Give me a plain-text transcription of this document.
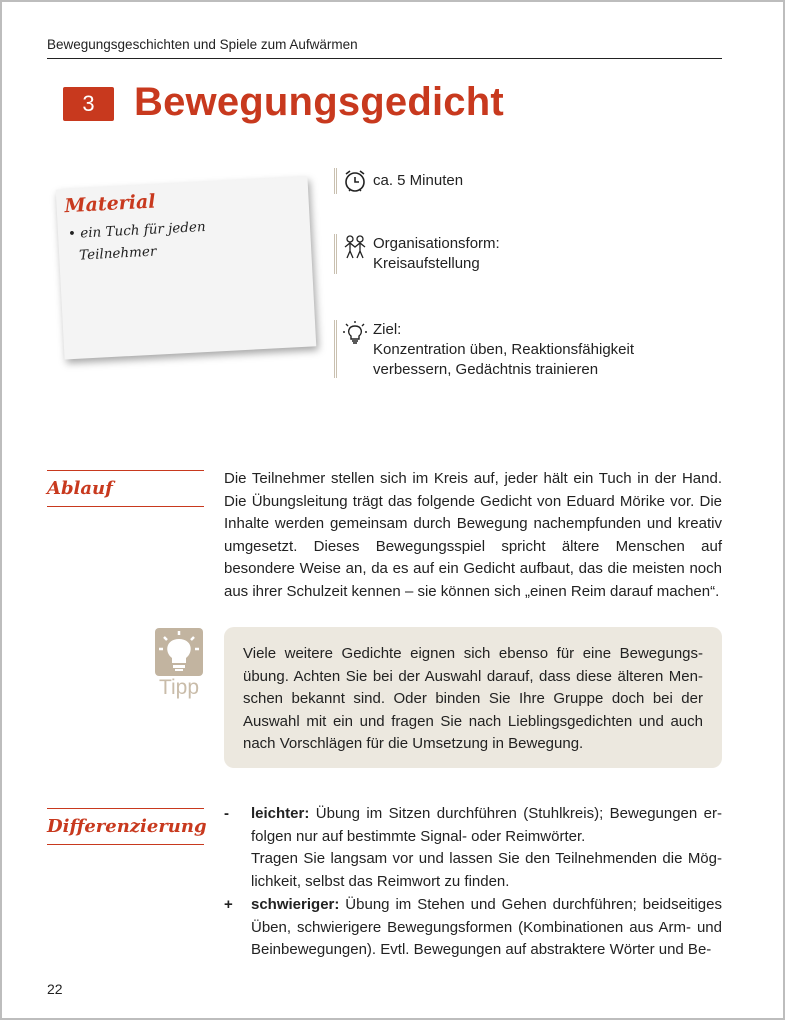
Bewegungsgeschichten und Spiele zum Aufwärmen
3 Bewegungsgedicht
Material
• ein Tuch für jeden
Teilnehmer
ca. 5 Minuten
Organisationsform:
Kreisaufstellung
Ziel:
Konzentration üben, Reaktionsfähigkeit
verbessern, Gedächtnis trainieren
Ablauf	Die Teilnehmer stellen sich im Kreis auf, jeder hält ein Tuch in der Hand. Die Übungsleitung trägt das folgende Gedicht von Eduard Mörike vor. Die Inhalte werden gemeinsam durch Bewegung nachempfunden und kreativ umgesetzt. Dieses Bewegungsspiel spricht ältere Menschen auf besondere Weise an, da es auf ein Gedicht aufbaut, das die meisten noch aus ihrer Schulzeit kennen – sie können sich „einen Reim darauf machen“.
Tipp
Viele weitere Gedichte eignen sich ebenso für eine Bewegungsübung. Achten Sie bei der Auswahl darauf, dass diese älteren Menschen bekannt sind. Oder binden Sie Ihre Gruppe doch bei der Auswahl mit ein und fragen Sie nach Lieblingsgedichten und auch nach Vorschlägen für die Umsetzung in Bewegung.
Differenzierung
-	leichter: Übung im Sitzen durchführen (Stuhlkreis); Bewegungen erfolgen nur auf bestimmte Signal- oder Reimwörter.
Tragen Sie langsam vor und lassen Sie den Teilnehmenden die Möglichkeit, selbst das Reimwort zu finden.
+	schwieriger: Übung im Stehen und Gehen durchführen; beidseitiges Üben, schwierigere Bewegungsformen (Kombinationen aus Arm- und Beinbewegungen). Evtl. Bewegungen auf abstraktere Wörter und Be-
22
